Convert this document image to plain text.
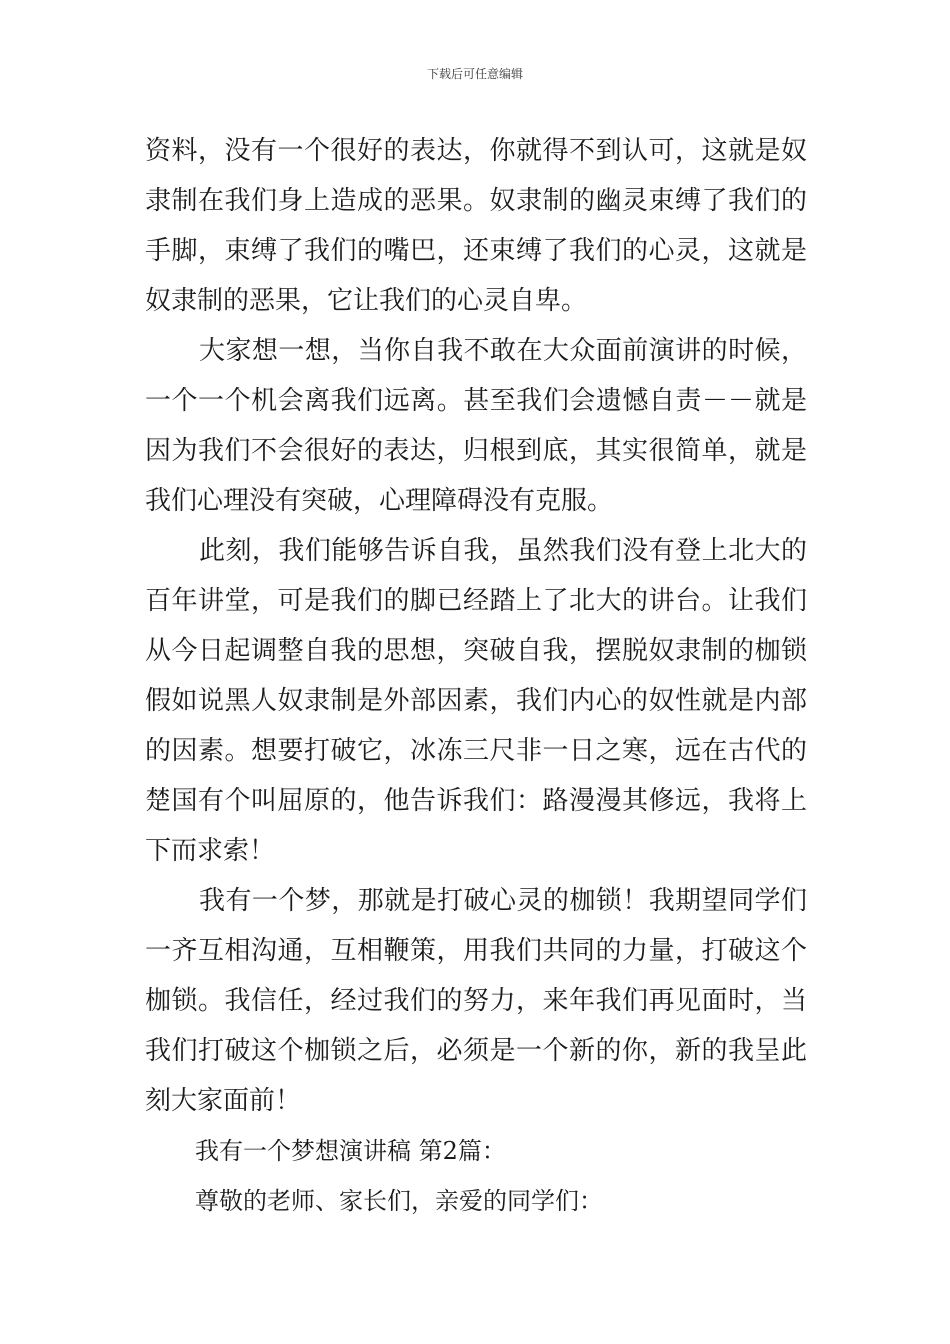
下载后可任意编辑
资料，没有一个很好的表达，你就得不到认可，这就是奴
隶制在我们身上造成的恶果。奴隶制的幽灵束缚了我们的
手脚，束缚了我们的嘴巴，还束缚了我们的心灵，这就是
奴隶制的恶果，它让我们的心灵自卑。
大家想一想，当你自我不敢在大众面前演讲的时候，
一个一个机会离我们远离。甚至我们会遗憾自责－－就是
因为我们不会很好的表达，归根到底，其实很简单，就是
我们心理没有突破，心理障碍没有克服。
此刻，我们能够告诉自我，虽然我们没有登上北大的
百年讲堂，可是我们的脚已经踏上了北大的讲台。让我们
从今日起调整自我的思想，突破自我，摆脱奴隶制的枷锁
假如说黑人奴隶制是外部因素，我们内心的奴性就是内部
的因素。想要打破它，冰冻三尺非一日之寒，远在古代的
楚国有个叫屈原的，他告诉我们：路漫漫其修远，我将上
下而求索！
我有一个梦，那就是打破心灵的枷锁！我期望同学们
一齐互相沟通，互相鞭策，用我们共同的力量，打破这个
枷锁。我信任，经过我们的努力，来年我们再见面时，当
我们打破这个枷锁之后，必须是一个新的你，新的我呈此
刻大家面前！

我有一个梦想演讲稿 第2篇：

尊敬的老师、家长们，亲爱的同学们：
